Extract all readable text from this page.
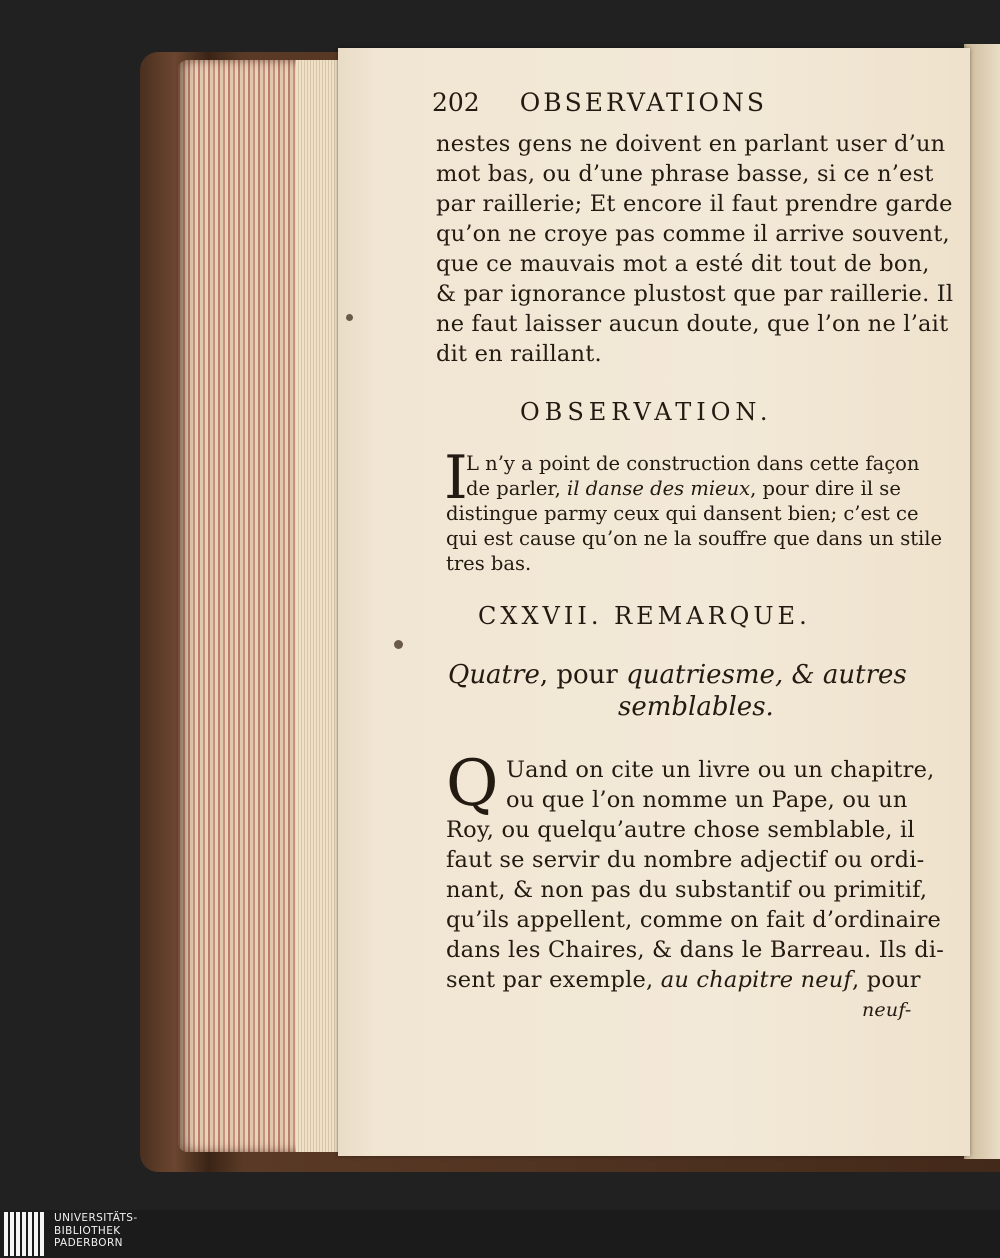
202 OBSERVATIONS
nestes gens ne doivent en parlant user d’un
mot bas, ou d’une phrase basse, si ce n’est
par raillerie; Et encore il faut prendre garde
qu’on ne croye pas comme il arrive souvent,
que ce mauvais mot a esté dit tout de bon,
& par ignorance plustost que par raillerie. Il
ne faut laisser aucun doute, que l’on ne l’ait
dit en raillant.
OBSERVATION.
I
L n’y a point de construction dans cette façon
de parler, il danse des mieux, pour dire il se
distingue parmy ceux qui dansent bien; c’est ce
qui est cause qu’on ne la souffre que dans un stile
tres bas.
CXXVII. REMARQUE.
Quatre, pour quatriesme, & autres
semblables.
Q Uand on cite un livre ou un chapitre,
ou que l’on nomme un Pape, ou un
Roy, ou quelqu’autre chose semblable, il
faut se servir du nombre adjectif ou ordi-
nant, & non pas du substantif ou primitif,
qu’ils appellent, comme on fait d’ordinaire
dans les Chaires, & dans le Barreau. Ils di-
sent par exemple, au chapitre neuf, pour
neuf-
UNIVERSITÄTS-
BIBLIOTHEK
PADERBORN
